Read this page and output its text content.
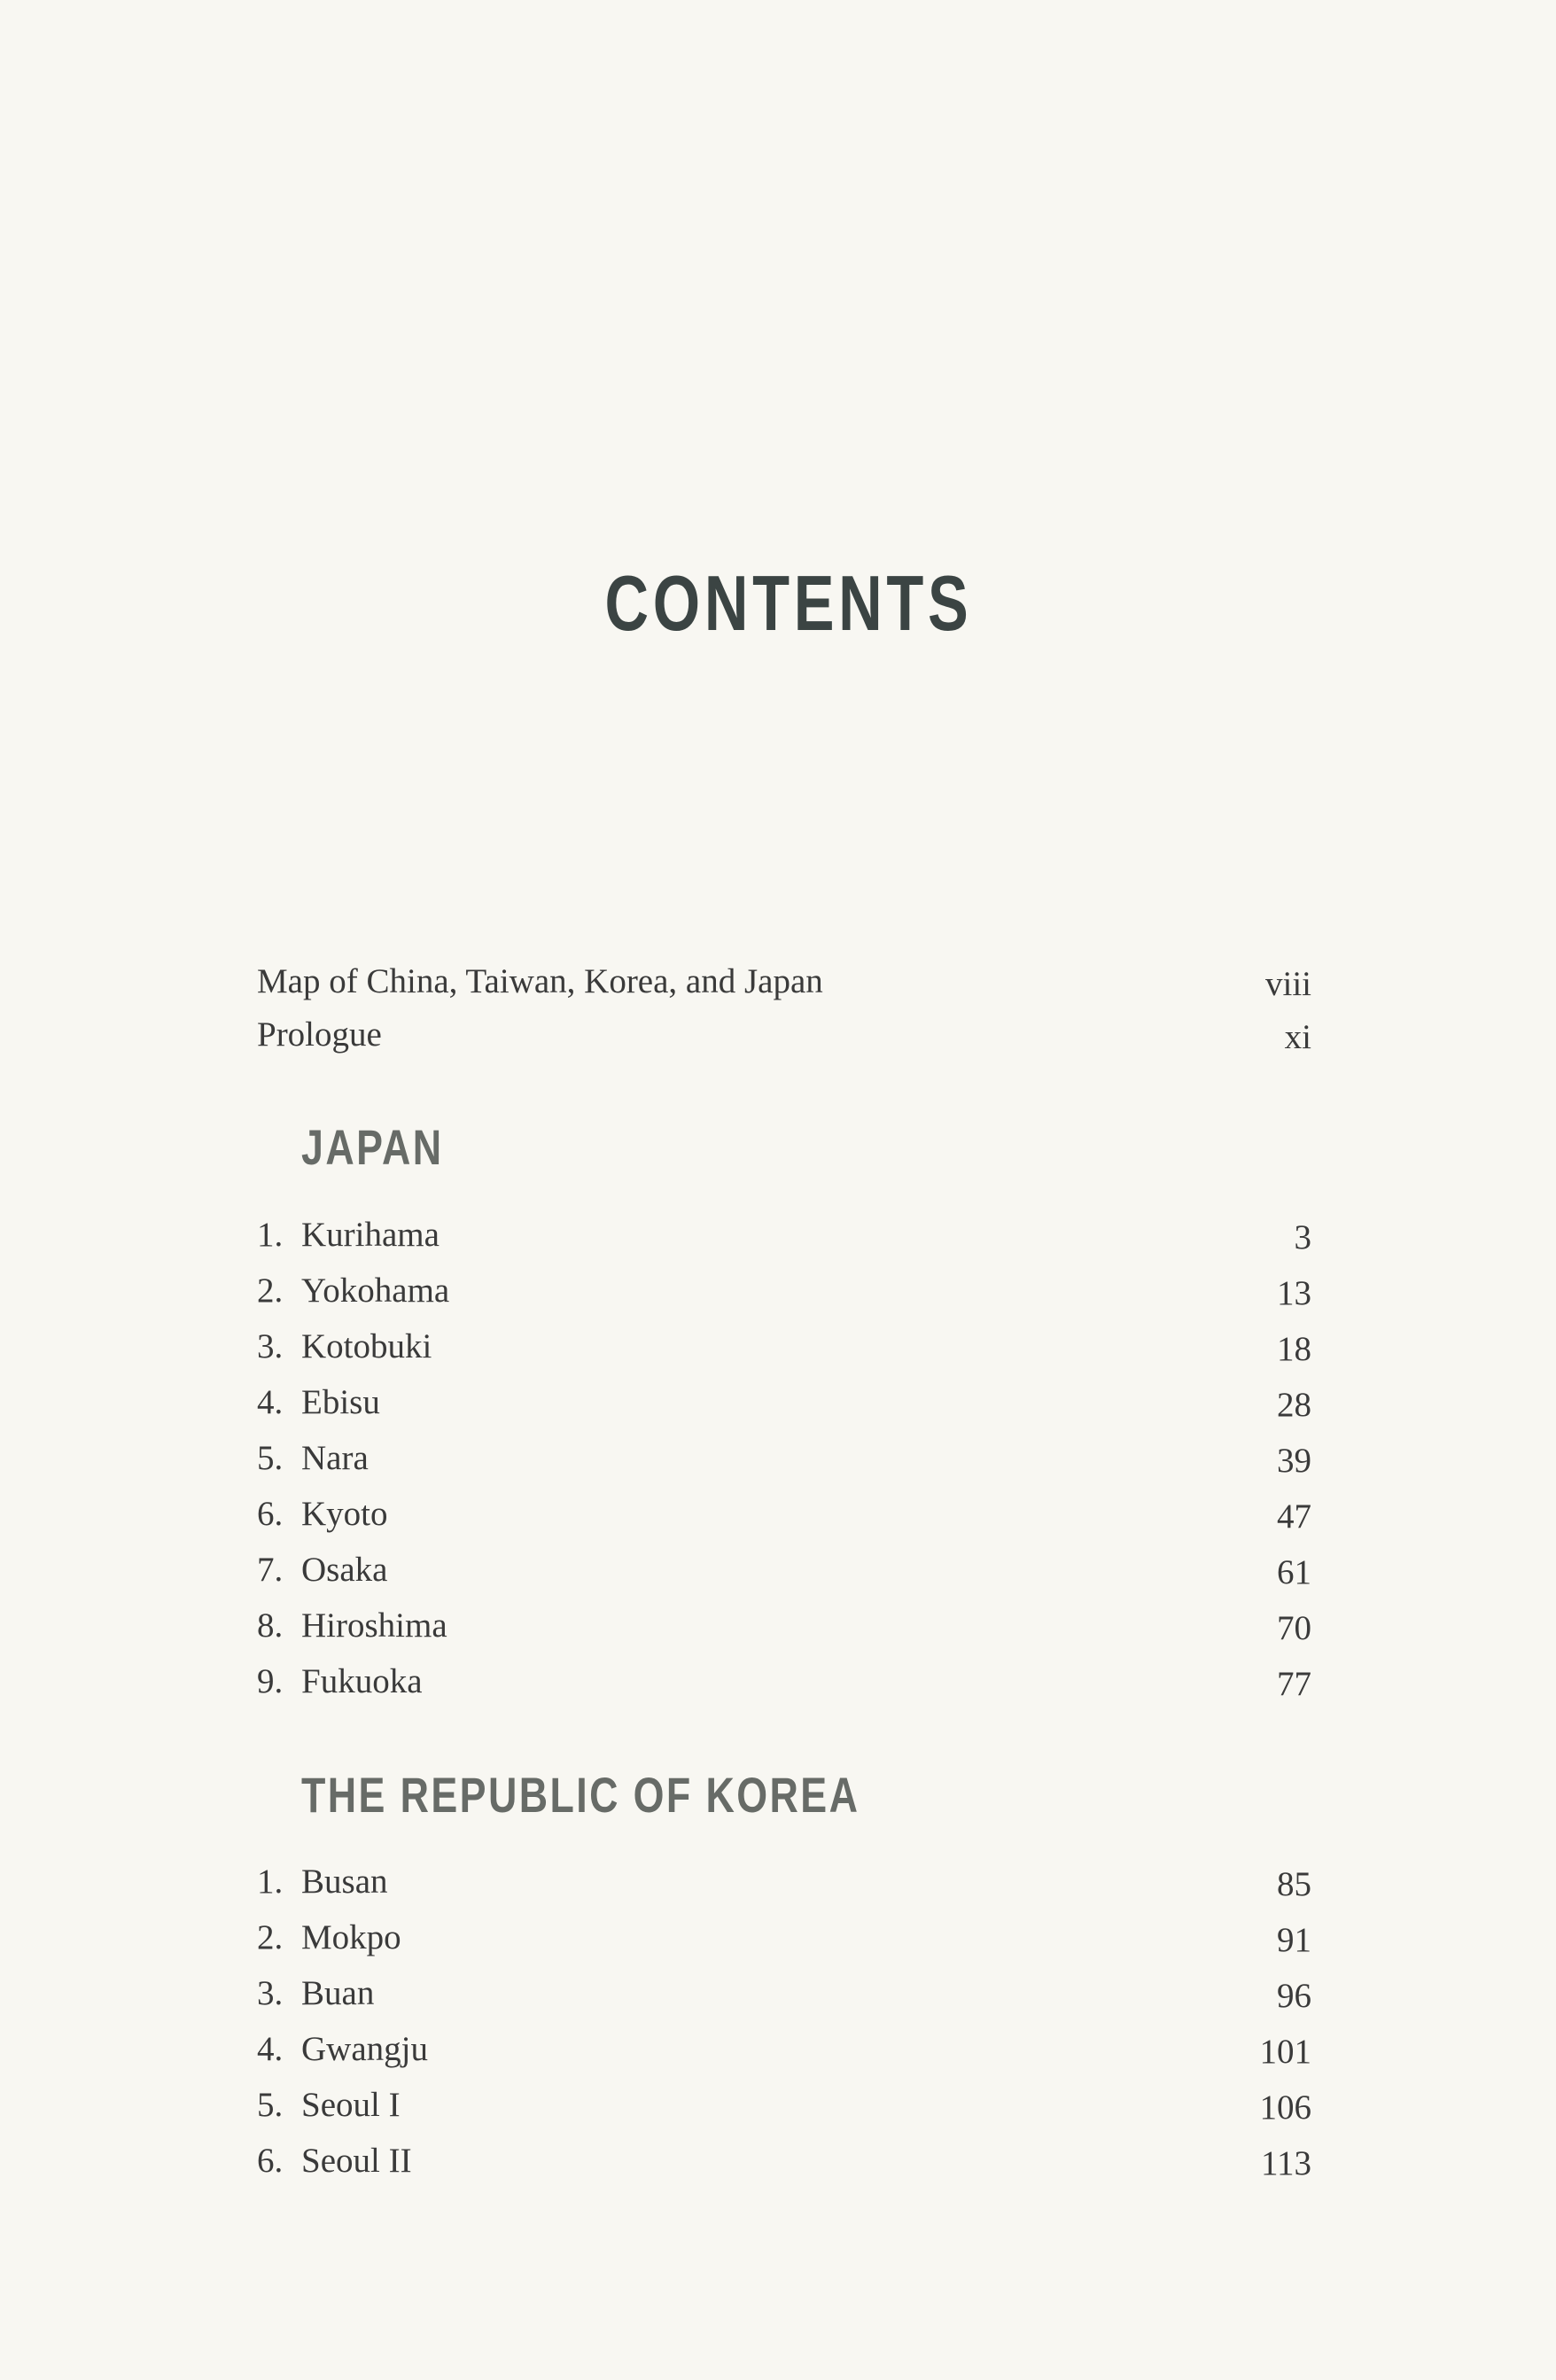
CONTENTS
Map of China, Taiwan, Korea, and Japan	viii
Prologue	xi
JAPAN
1. Kurihama	3
2. Yokohama	13
3. Kotobuki	18
4. Ebisu	28
5. Nara	39
6. Kyoto	47
7. Osaka	61
8. Hiroshima	70
9. Fukuoka	77
THE REPUBLIC OF KOREA
1. Busan	85
2. Mokpo	91
3. Buan	96
4. Gwangju	101
5. Seoul I	106
6. Seoul II	113
